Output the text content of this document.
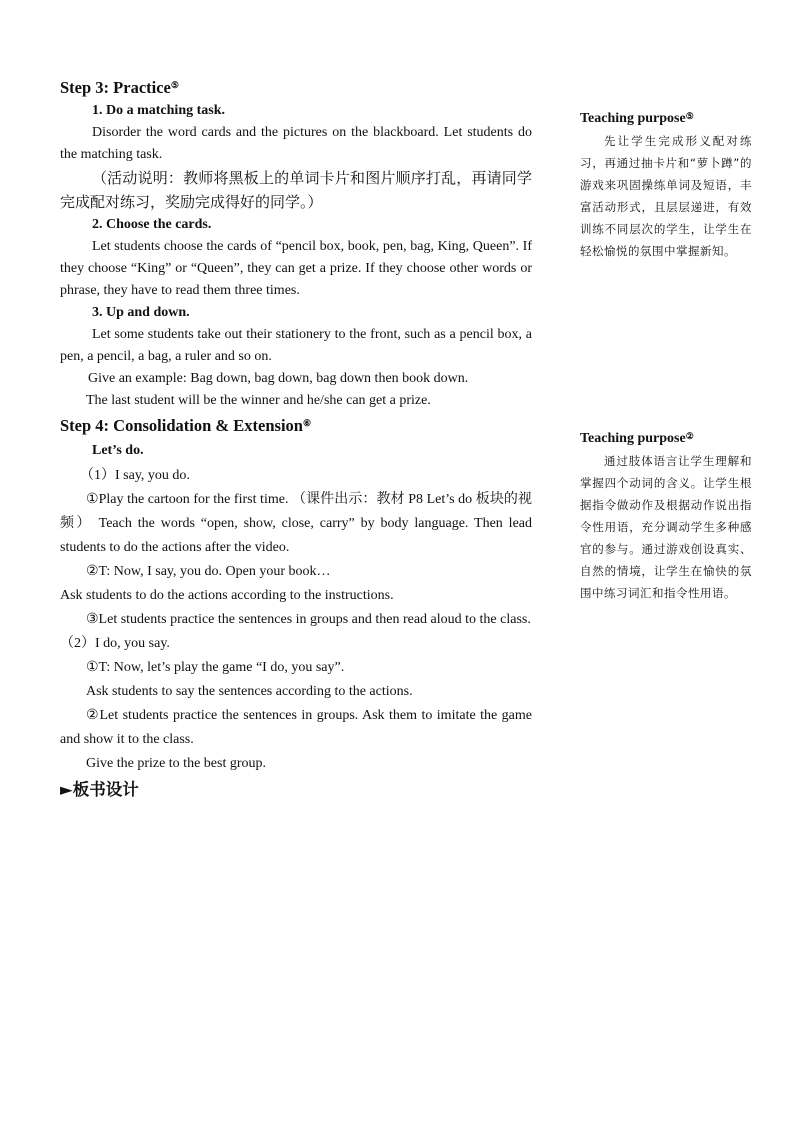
Step 3: Practice⑤

1. Do a matching task.

Disorder the word cards and the pictures on the blackboard. Let students do the matching task.

（活动说明：教师将黑板上的单词卡片和图片顺序打乱，再请同学完成配对练习，奖励完成得好的同学。）

2. Choose the cards.

Let students choose the cards of “pencil box, book, pen, bag, King, Queen”. If they choose “King” or “Queen”, they can get a prize. If they choose other words or phrase, they have to read them three times.

3. Up and down.

Let some students take out their stationery to the front, such as a pencil box, a pen, a pencil, a bag, a ruler and so on.

Give an example: Bag down, bag down, bag down then book down.

The last student will be the winner and he/she can get a prize.

Step 4: Consolidation & Extension⑥

Let’s do.

（1）I say, you do.

①Play the cartoon for the first time. （课件出示：教材 P8 Let’s do 板块的视频） Teach the words “open, show, close, carry” by body language. Then lead students to do the actions after the video.

②T: Now, I say, you do. Open your book…

Ask students to do the actions according to the instructions.

③Let students practice the sentences in groups and then read aloud to the class.

（2）I do, you say.

①T: Now, let’s play the game “I do, you say”.

Ask students to say the sentences according to the actions.

②Let students practice the sentences in groups. Ask them to imitate the game and show it to the class.

Give the prize to the best group.

►板书设计

Teaching purpose⑤

先让学生完成形义配对练习，再通过抽卡片和“萝卜蹲”的游戏来巩固操练单词及短语，丰富活动形式，且层层递进，有效训练不同层次的学生，让学生在轻松愉悦的氛围中掌握新知。

Teaching purpose②

通过肢体语言让学生理解和掌握四个动词的含义。让学生根据指令做动作及根据动作说出指令性用语，充分调动学生多种感官的参与。通过游戏创设真实、自然的情境，让学生在愉快的氛围中练习词汇和指令性用语。
